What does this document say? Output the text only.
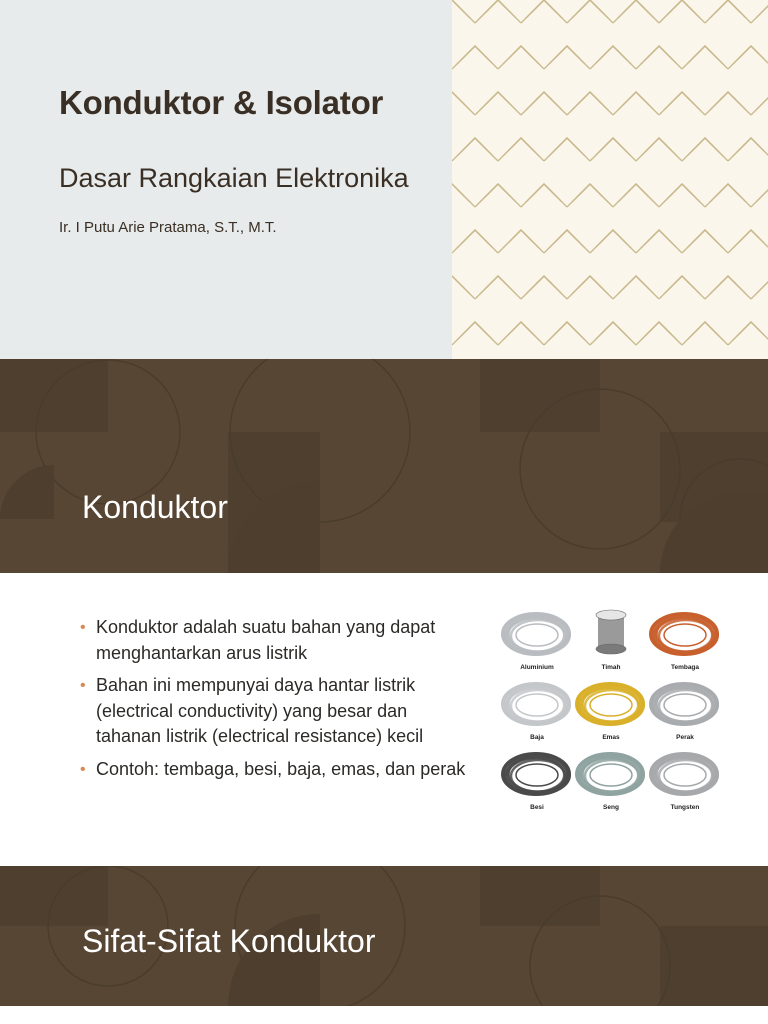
Konduktor & Isolator
Dasar Rangkaian Elektronika

Ir. I Putu Arie Pratama, S.T., M.T.

Konduktor
• Konduktor adalah suatu bahan yang dapat menghantarkan arus listrik
• Bahan ini mempunyai daya hantar listrik (electrical conductivity) yang besar dan tahanan listrik (electrical resistance) kecil
• Contoh: tembaga, besi, baja, emas, dan perak
Aluminium	Timah	Tembaga
Baja	Emas	Perak
Besi	Seng	Tungsten
Sifat-Sifat Konduktor
